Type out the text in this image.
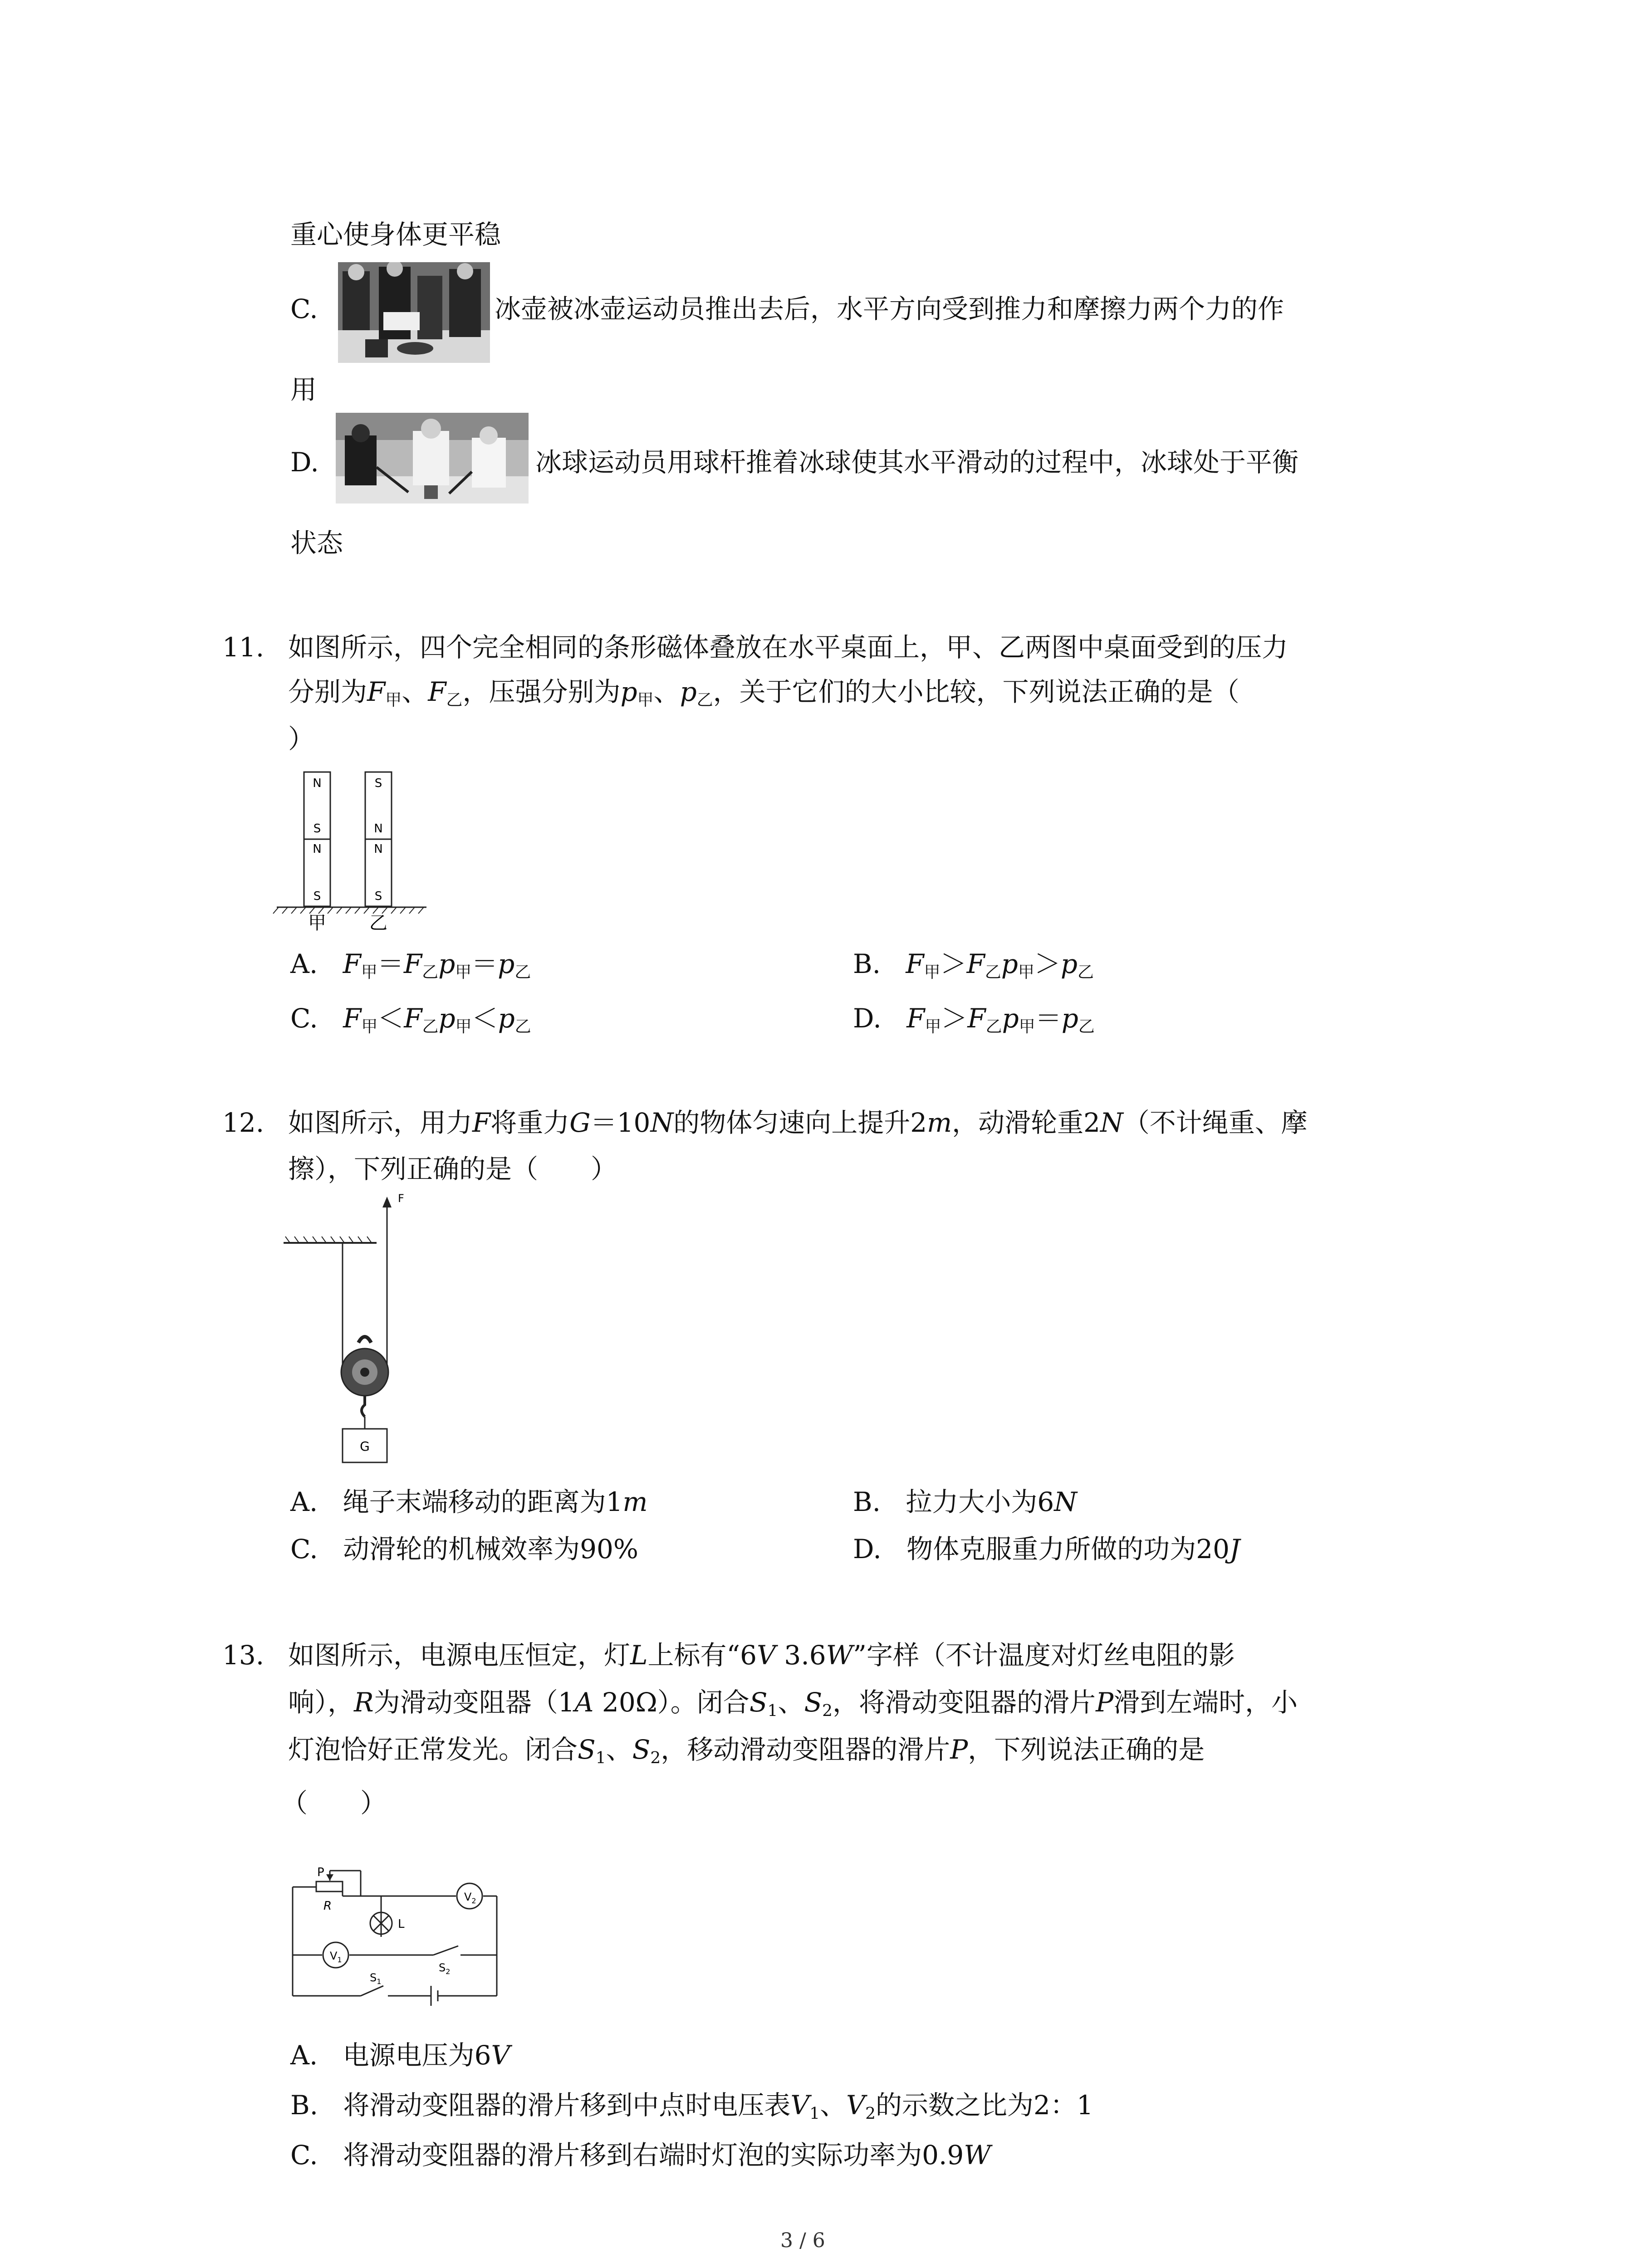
重心使身体更平稳
C.	冰壶被冰壶运动员推出去后，水平方向受到推力和摩擦力两个力的作
用
D.	冰球运动员用球杆推着冰球使其水平滑动的过程中，冰球处于平衡
状态
11. 如图所示，四个完全相同的条形磁体叠放在水平桌面上，甲、乙两图中桌面受到的压力
分别为$F_甲$、$F_乙$，压强分别为$p_甲$、$p_乙$，关于它们的大小比较，下列说法正确的是（
）
N
S
N
S
S
N
N
S
甲 乙
A. $F_甲=F_乙p_甲=p_乙$	B. $F_甲>F_乙p_甲>p_乙$
C. $F_甲<F_乙p_甲<p_乙$	D. $F_甲>F_乙p_甲=p_乙$
12. 如图所示，用力F将重力G＝10N的物体匀速向上提升2m，动滑轮重2N（不计绳重、摩
擦），下列正确的是（　　）
F
G
A. 绳子末端移动的距离为1m	B. 拉力大小为6N
C. 动滑轮的机械效率为90%	D. 物体克服重力所做的功为20J
13. 如图所示，电源电压恒定，灯L上标有“6V 3.6W”字样（不计温度对灯丝电阻的影
响），R为滑动变阻器（1A 20Ω）。闭合$S_1$、$S_2$，将滑动变阻器的滑片P滑到左端时，小
灯泡恰好正常发光。闭合$S_1$、$S_2$，移动滑动变阻器的滑片P，下列说法正确的是
（　　）
P
R
L
$V_2$
$V_1$
$S_2$
$S_1$
A. 电源电压为6V
B. 将滑动变阻器的滑片移到中点时电压表$V_1$、$V_2$的示数之比为2：1
C. 将滑动变阻器的滑片移到右端时灯泡的实际功率为0.9W
3 / 6
